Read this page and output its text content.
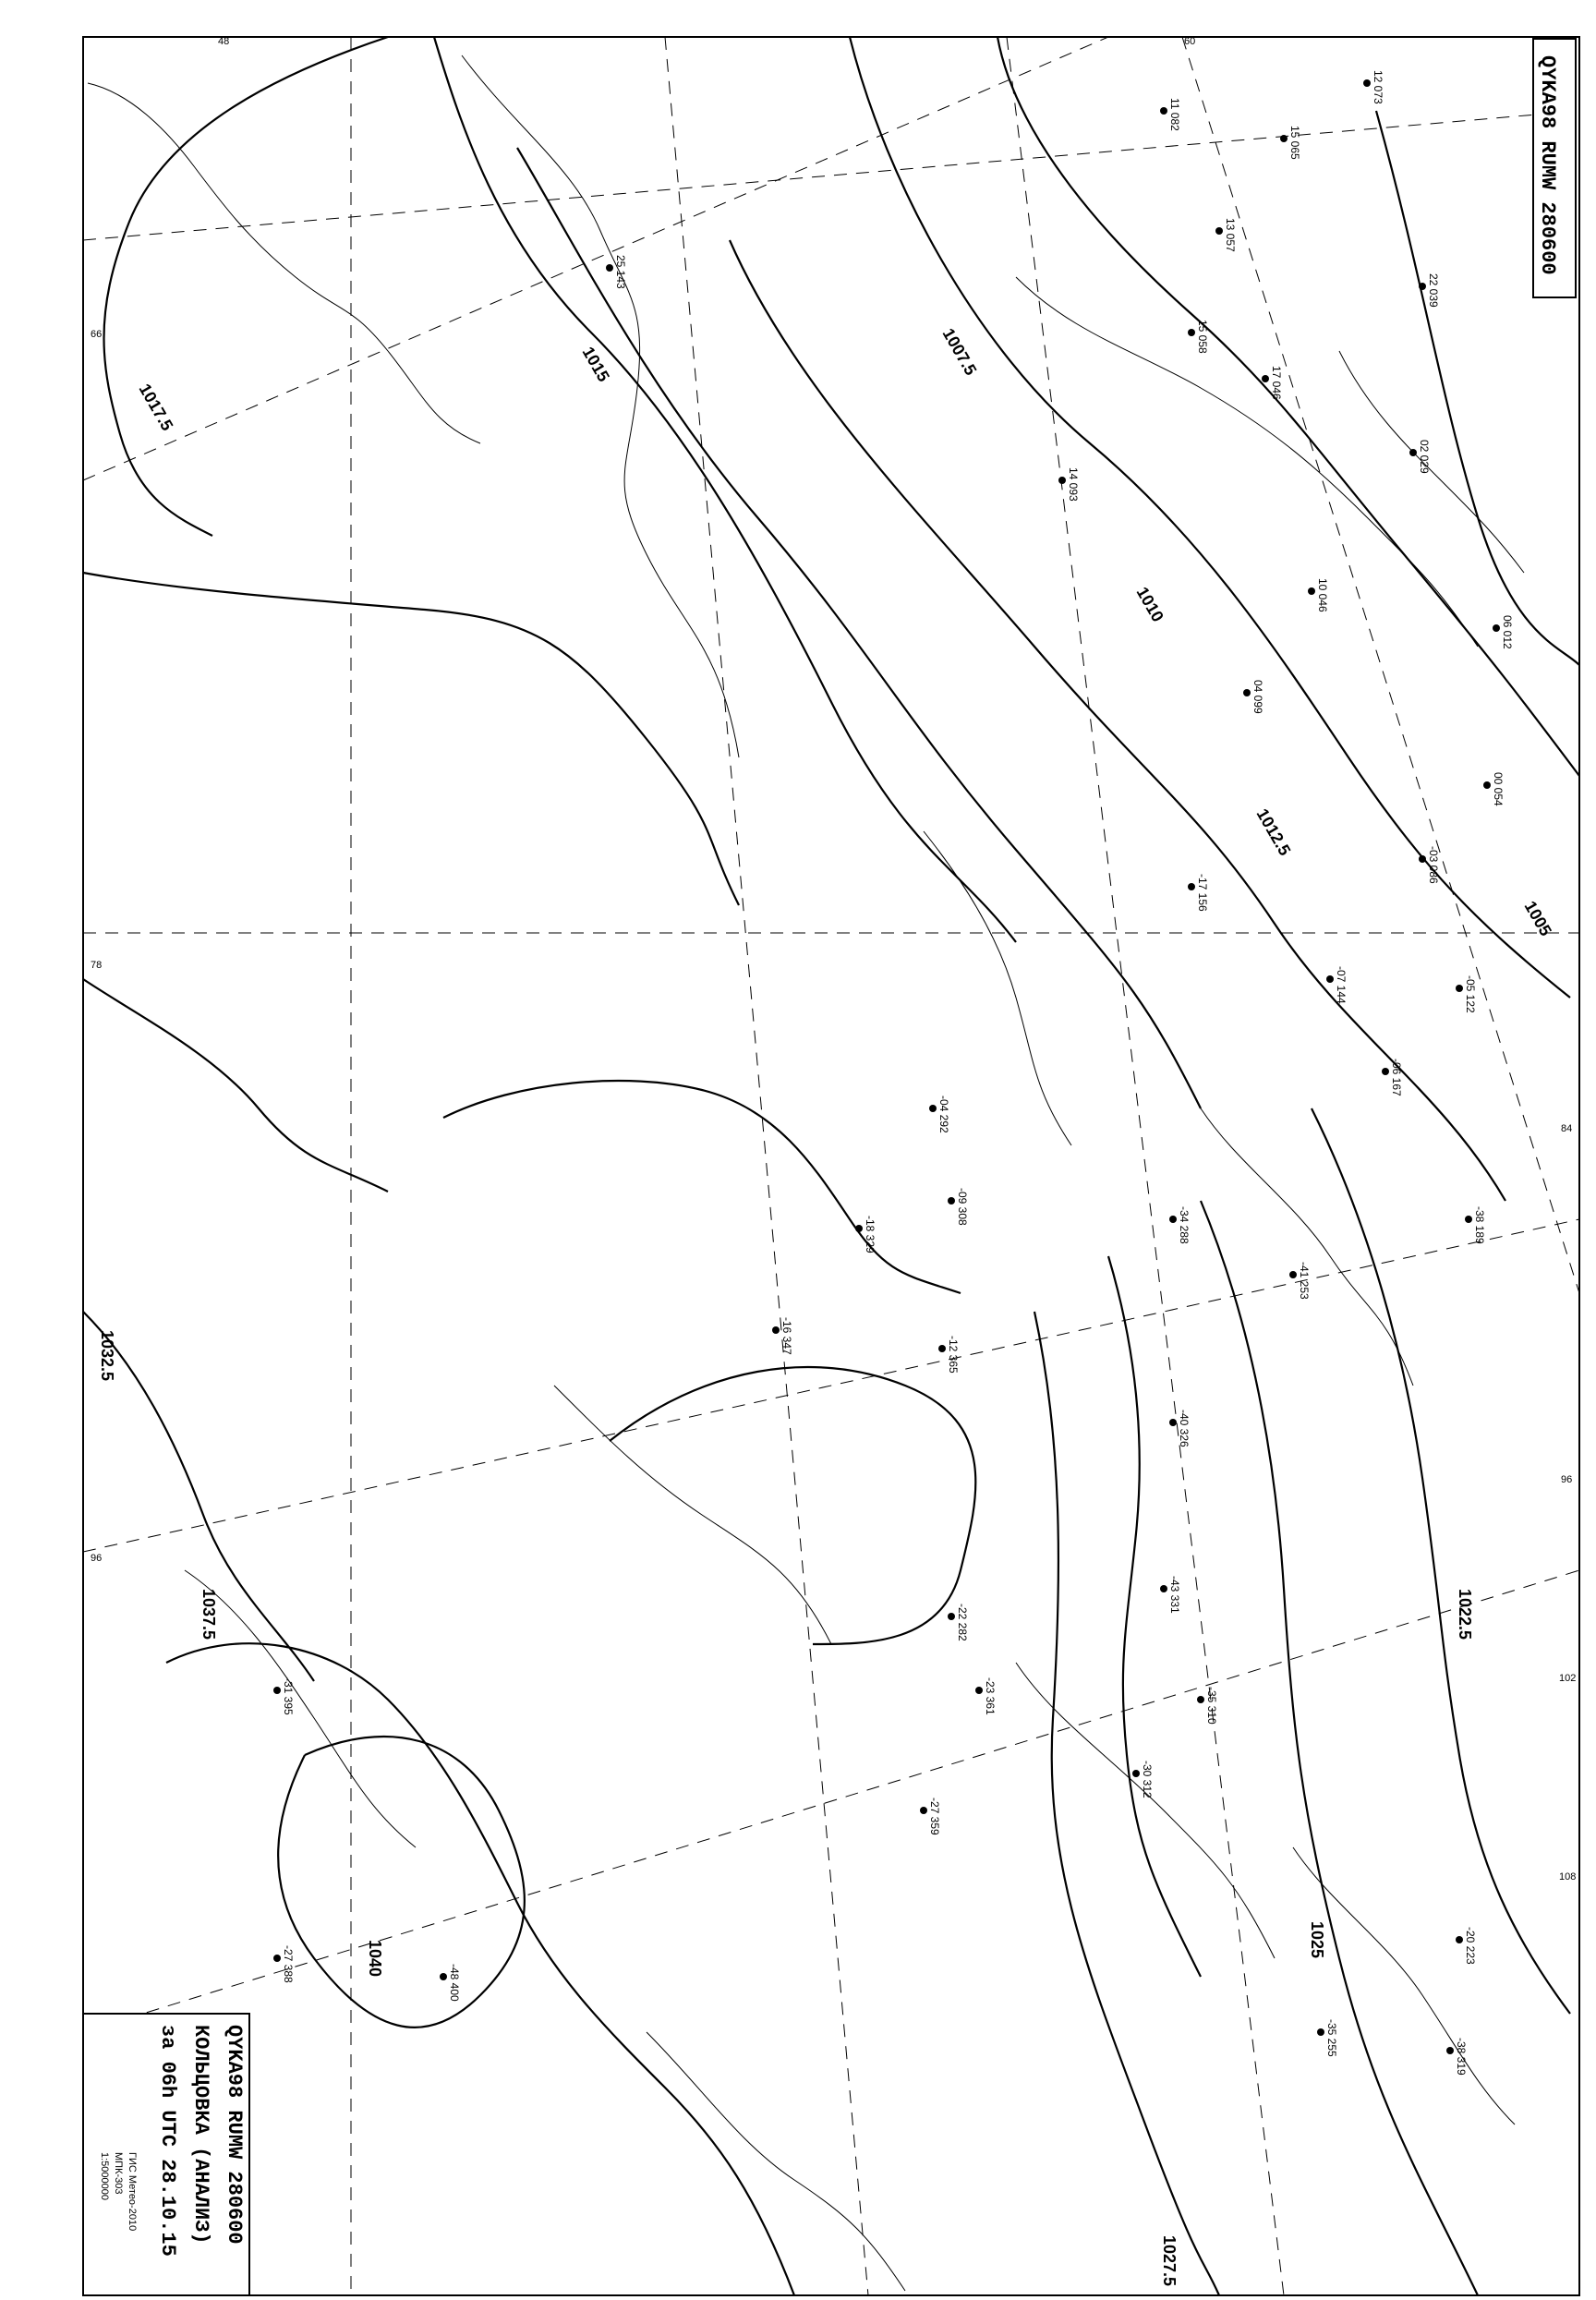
48	60
66
78
84
96
96
102
108
1005
1007.5
1010
1012.5
1015
1017.5
1022.5
1025
1027.5
1032.5
1037.5
1040
QYKA98 RUMW 280600
25 143
14 093
22 039
12 073
15 065
13 057
10 046
04 099
-07 144
-17 156
-04 292
-09 308
-18 329
-16 347	-12 365
-30 312
-38 319
-35 255
-20 223
-40 326
-22 282
-31 395
-27 388	-48 400
-43 331
-23 361
-27 359
-35 310
-41 253
-34 288	-38 189
-06 167
-05 122
-03 086
00 054
06 012
02 029
17 046
15 058
11 082
QYKA98 RUMW 280600
КОЛЬЦОВКА (АНАЛИЗ)
за 06h UTC 28.10.15
ГИС Метео-2010
МПК-303
1:5000000
